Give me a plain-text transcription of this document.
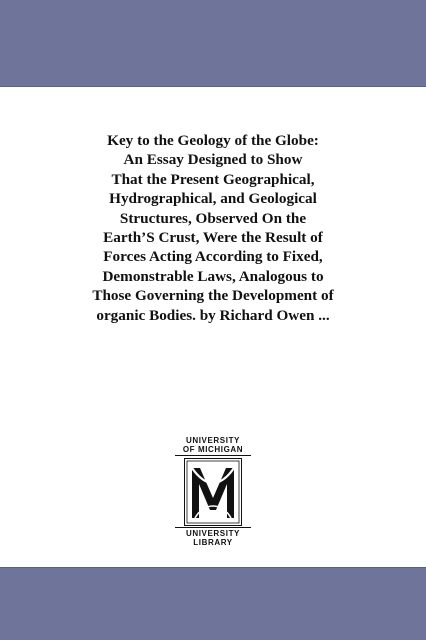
Key to the Geology of the Globe:
An Essay Designed to Show
That the Present Geographical,
Hydrographical, and Geological
Structures, Observed On the
Earth’S Crust, Were the Result of
Forces Acting According to Fixed,
Demonstrable Laws, Analogous to
Those Governing the Development of
organic Bodies. by Richard Owen ...
UNIVERSITY
OF MICHIGAN
UNIVERSITY
LIBRARY
